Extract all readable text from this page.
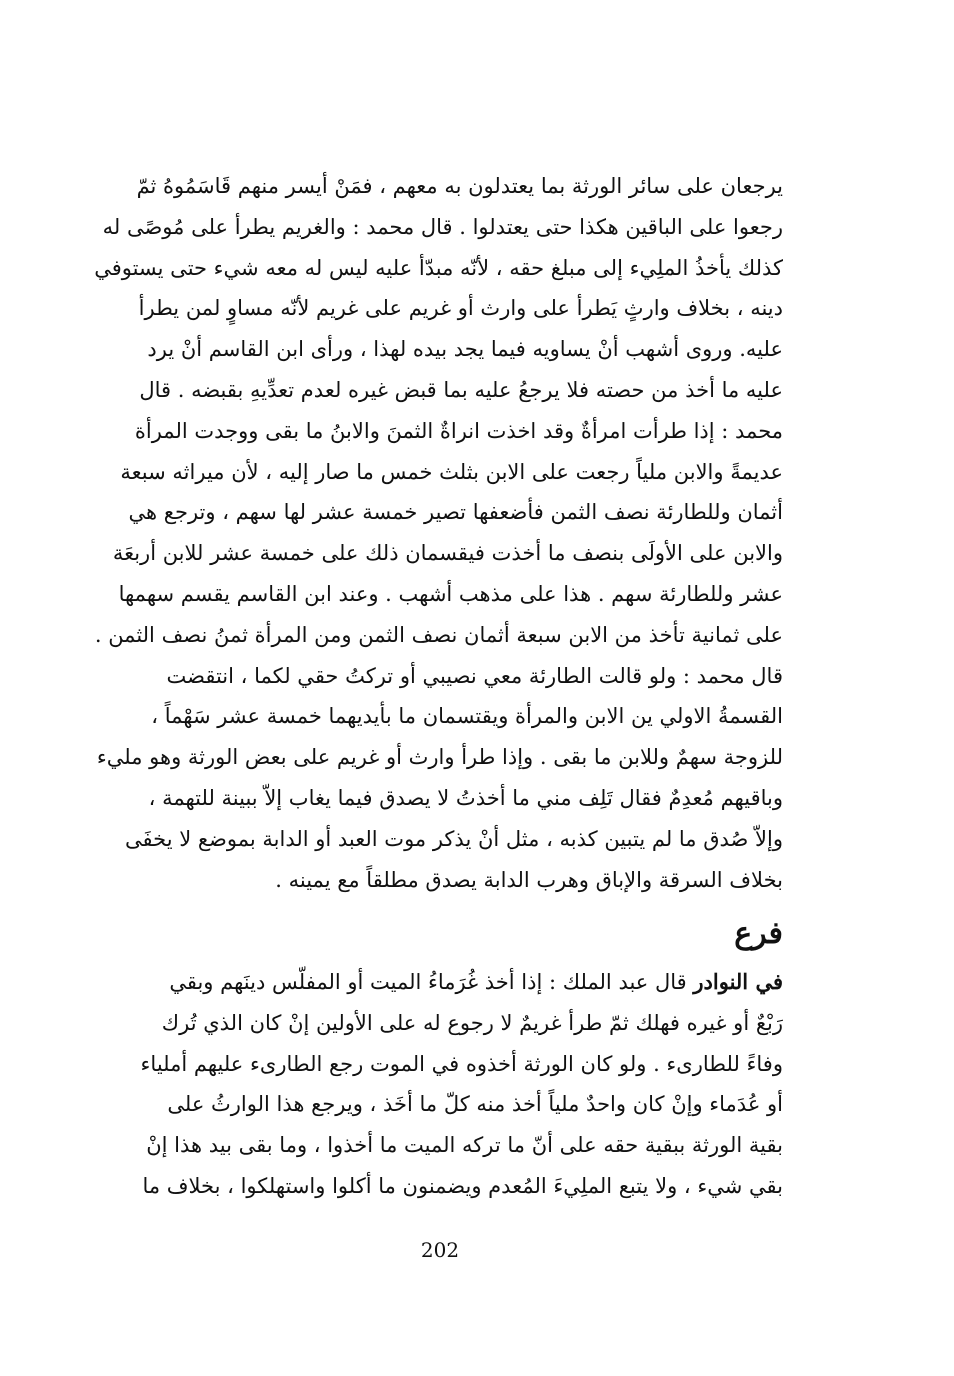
يرجعان على سائر الورثة بما يعتدلون به معهم ، فمَنْ أيسر منهم قَاسَمُوهُ ثمّ
رجعوا على الباقين هكذا حتى يعتدلوا . قال محمد : والغريم يطرأ على مُوصًى له
كذلك يأخذُ الملِيء إلى مبلغ حقه ، لأنّه مبدّأ عليه ليس له معه شيء حتى يستوفي
دينه ، بخلاف وارثٍ يَطرأ على وارث أو غريم على غريم لأنّه مساوٍ لمن يطرأ
عليه. وروى أشهب أنْ يساويه فيما يجد بيده لهذا ، ورأى ابن القاسم أنْ يرد
عليه ما أخذ من حصته فلا يرجعُ عليه بما قبض غيره لعدم تعدِّيهِ بقبضه . قال
محمد : إذا طرأت امرأةٌ وقد اخذت انراةٌ الثمنَ والابنُ ما بقى ووجدت المرأة
عديمةً والابن ملياً رجعت على الابن بثلث خمس ما صار إليه ، لأن ميراثه سبعة
أثمان وللطارئة نصف الثمن فأضعفها تصير خمسة عشر لها سهم ، وترجع هي
والابن على الأولَى بنصف ما أخذت فيقسمان ذلك على خمسة عشر للابن أربعَة
عشر وللطارئة سهم . هذا على مذهب أشهب . وعند ابن القاسم يقسم سهمها
على ثمانية تأخذ من الابن سبعة أثمان نصف الثمن ومن المرأة ثمنُ نصف الثمن .
قال محمد : ولو قالت الطارئة معي نصيبي أو تركتُ حقي لكما ، انتقضت
القسمةُ الاولي ين الابن والمرأة ويقتسمان ما بأيديهما خمسة عشر سَهْماً ،
للزوجة سهمٌ وللابن ما بقى . وإذا طرأ وارث أو غريم على بعض الورثة وهو مليء
وباقيهم مُعدِمٌ فقال تَلِف مني ما أخذتُ لا يصدق فيما يغاب إلاّ ببينة للتهمة ،
وإلاّ صُدق ما لم يتبين كذبه ، مثل أنْ يذكر موت العبد أو الدابة بموضع لا يخفَى
بخلاف السرقة والإباق وهرب الدابة يصدق مطلقاً مع يمينه .
فرع
في النوادر قال عبد الملك : إذا أخذ غُرَماءُ الميت أو المفلّس دينَهم وبقي
رَبْعٌ أو غيره فهلك ثمّ طرأ غريمٌ لا رجوع له على الأولين إنْ كان الذي تُرك
وفاءً للطارىء . ولو كان الورثة أخذوه في الموت رجع الطارىء عليهم أملياء
أو عُدَماء وإنْ كان واحدٌ ملياً أخذ منه كلّ ما أخَذ ، ويرجع هذا الوارثُ على
بقية الورثة ببقية حقه على أنّ ما تركه الميت ما أخذوا ، وما بقى بيد هذا إنْ
بقي شيء ، ولا يتبع الملِيءَ المُعدم ويضمنون ما أكلوا واستهلكوا ، بخلاف ما
202
